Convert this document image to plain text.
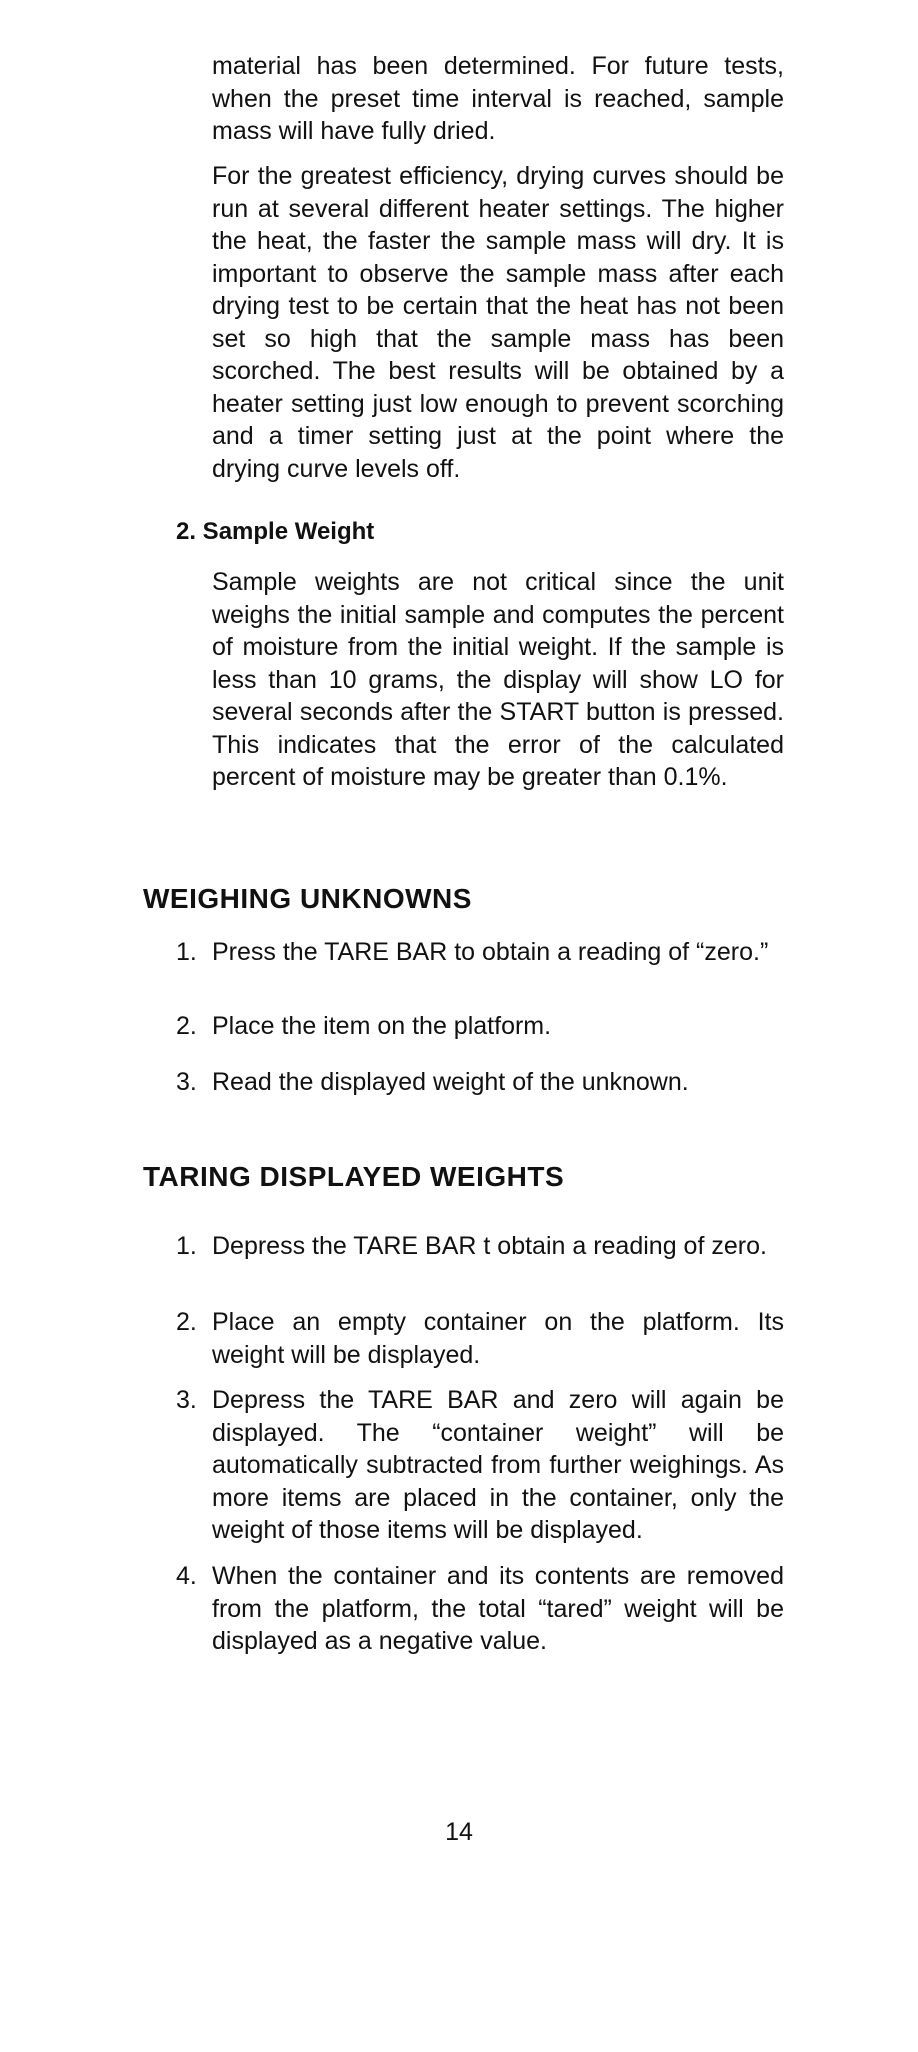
material has been determined. For future tests, when the preset time interval is reached, sample mass will have fully dried.

For the greatest efficiency, drying curves should be run at several different heater settings. The higher the heat, the faster the sample mass will dry. It is important to observe the sample mass after each drying test to be certain that the heat has not been set so high that the sample mass has been scorched. The best results will be obtained by a heater setting just low enough to prevent scorching and a timer setting just at the point where the drying curve levels off.

2. Sample Weight

Sample weights are not critical since the unit weighs the initial sample and computes the percent of moisture from the initial weight. If the sample is less than 10 grams, the display will show LO for several seconds after the START button is pressed. This indicates that the error of the calculated percent of moisture may be greater than 0.1%.

WEIGHING UNKNOWNS
1. Press the TARE BAR to obtain a reading of “zero.”
2. Place the item on the platform.
3. Read the displayed weight of the unknown.
TARING DISPLAYED WEIGHTS
1. Depress the TARE BAR t obtain a reading of zero.
2. Place an empty container on the platform. Its weight will be displayed.
3. Depress the TARE BAR and zero will again be displayed. The “container weight” will be automatically subtracted from further weighings. As more items are placed in the container, only the weight of those items will be displayed.
4. When the container and its contents are removed from the platform, the total “tared” weight will be displayed as a negative value.
14
